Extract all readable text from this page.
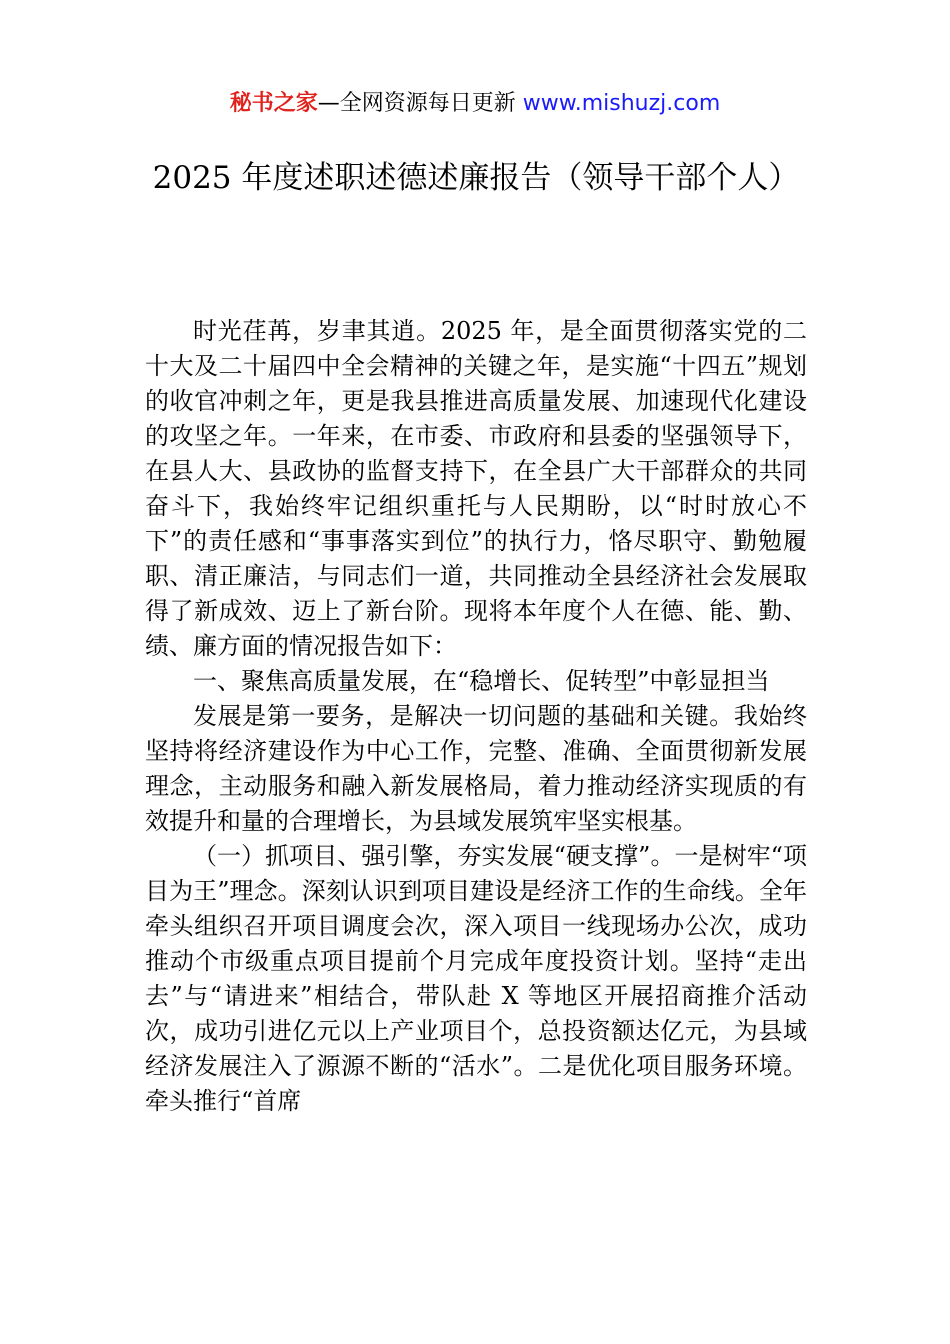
秘书之家—全网资源每日更新 www.mishuzj.com
2025 年度述职述德述廉报告（领导干部个人）

时光荏苒，岁聿其逍。2025 年，是全面贯彻落实党的二十大及二十届四中全会精神的关键之年，是实施“十四五”规划的收官冲刺之年，更是我县推进高质量发展、加速现代化建设的攻坚之年。一年来，在市委、市政府和县委的坚强领导下，在县人大、县政协的监督支持下，在全县广大干部群众的共同奋斗下，我始终牢记组织重托与人民期盼，以“时时放心不下”的责任感和“事事落实到位”的执行力，恪尽职守、勤勉履职、清正廉洁，与同志们一道，共同推动全县经济社会发展取得了新成效、迈上了新台阶。现将本年度个人在德、能、勤、绩、廉方面的情况报告如下：

一、聚焦高质量发展，在“稳增长、促转型”中彰显担当

发展是第一要务，是解决一切问题的基础和关键。我始终坚持将经济建设作为中心工作，完整、准确、全面贯彻新发展理念，主动服务和融入新发展格局，着力推动经济实现质的有效提升和量的合理增长，为县域发展筑牢坚实根基。

（一）抓项目、强引擎，夯实发展“硬支撑”。一是树牢“项目为王”理念。深刻认识到项目建设是经济工作的生命线。全年牵头组织召开项目调度会次，深入项目一线现场办公次，成功推动个市级重点项目提前个月完成年度投资计划。坚持“走出去”与“请进来”相结合，带队赴 X 等地区开展招商推介活动次，成功引进亿元以上产业项目个，总投资额达亿元，为县域经济发展注入了源源不断的“活水”。二是优化项目服务环境。牵头推行“首席
